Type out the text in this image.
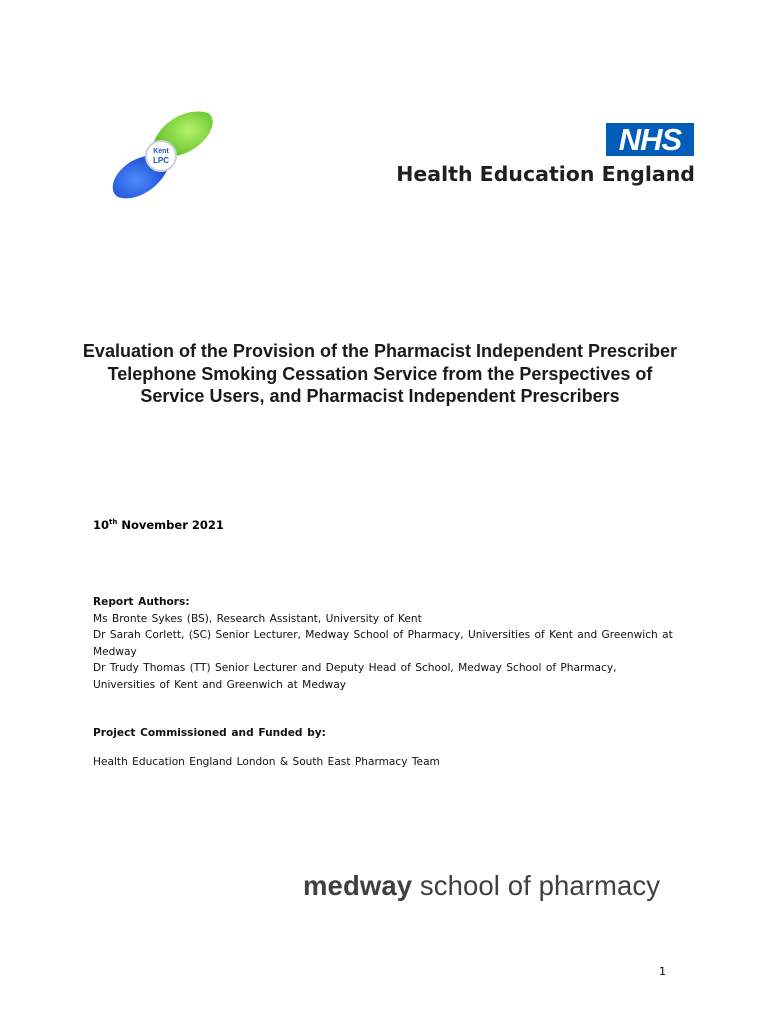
Kent
LPC
NHS
Health Education England
Evaluation of the Provision of the Pharmacist Independent Prescriber Telephone Smoking Cessation Service from the Perspectives of Service Users, and Pharmacist Independent Prescribers
10th November 2021
Report Authors:
Ms Bronte Sykes (BS), Research Assistant, University of Kent
Dr Sarah Corlett, (SC) Senior Lecturer, Medway School of Pharmacy, Universities of Kent and Greenwich at Medway
Dr Trudy Thomas (TT) Senior Lecturer and Deputy Head of School, Medway School of Pharmacy, Universities of Kent and Greenwich at Medway
Project Commissioned and Funded by:
Health Education England London & South East Pharmacy Team
medway school of pharmacy
1
